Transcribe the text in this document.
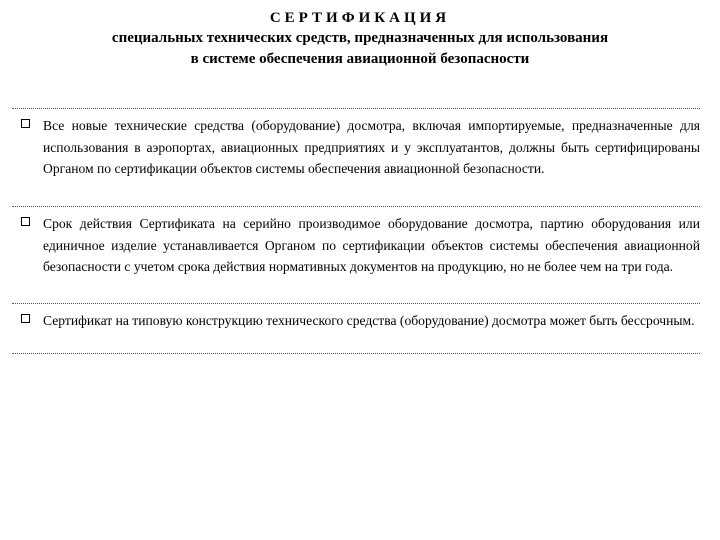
СЕРТИФИКАЦИЯ
специальных технических средств, предназначенных для использования
в системе обеспечения авиационной безопасности
Все новые технические средства (оборудование) досмотра, включая импортируемые, предназначенные для использования в аэропортах, авиационных предприятиях и у эксплуатантов, должны быть сертифицированы Органом по сертификации объектов системы обеспечения авиационной безопасности.
Срок действия Сертификата на серийно производимое оборудование досмотра, партию оборудования или единичное изделие устанавливается Органом по сертификации объектов системы обеспечения авиационной безопасности с учетом срока действия нормативных документов на продукцию, но не более чем на три года.
Сертификат на типовую конструкцию технического средства (оборудование) досмотра может быть бессрочным.
